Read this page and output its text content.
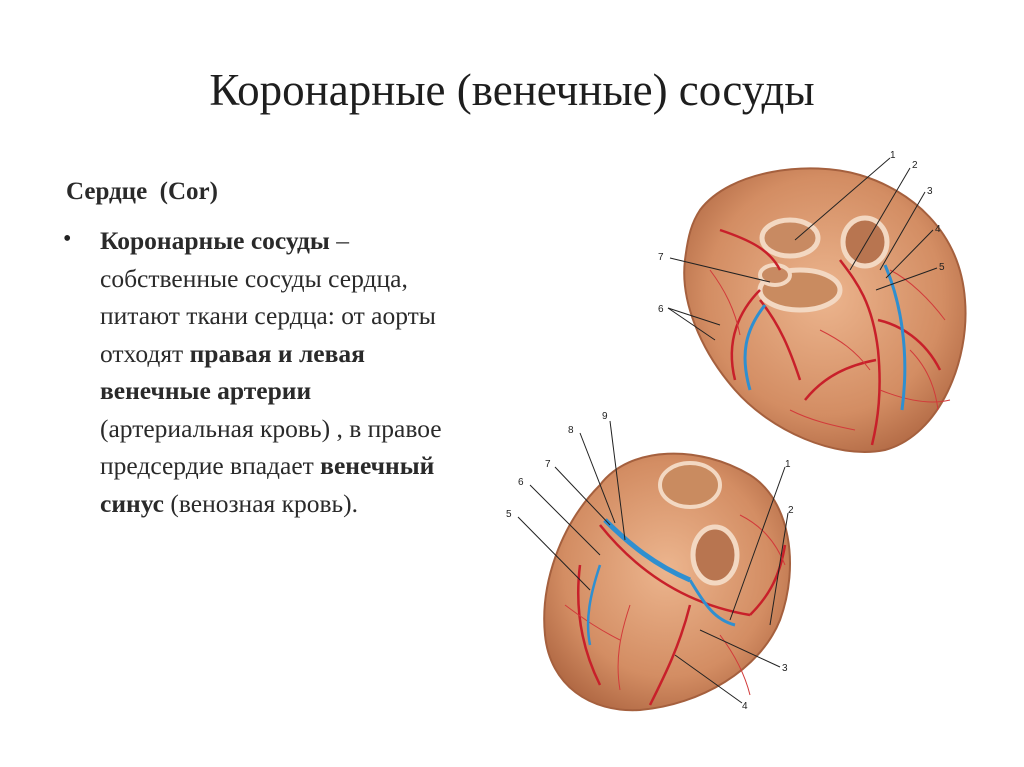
Коронарные (венечные) сосуды
Сердце  (Cor)
• Коронарные сосуды – собственные сосуды сердца, питают ткани сердца: от аорты отходят правая и левая венечные артерии (артериальная кровь) , в правое предсердие впадает венечный синус (венозная кровь).
1
2
3
4
5
6
7
1
2
3
4
5
6
7
8
9
